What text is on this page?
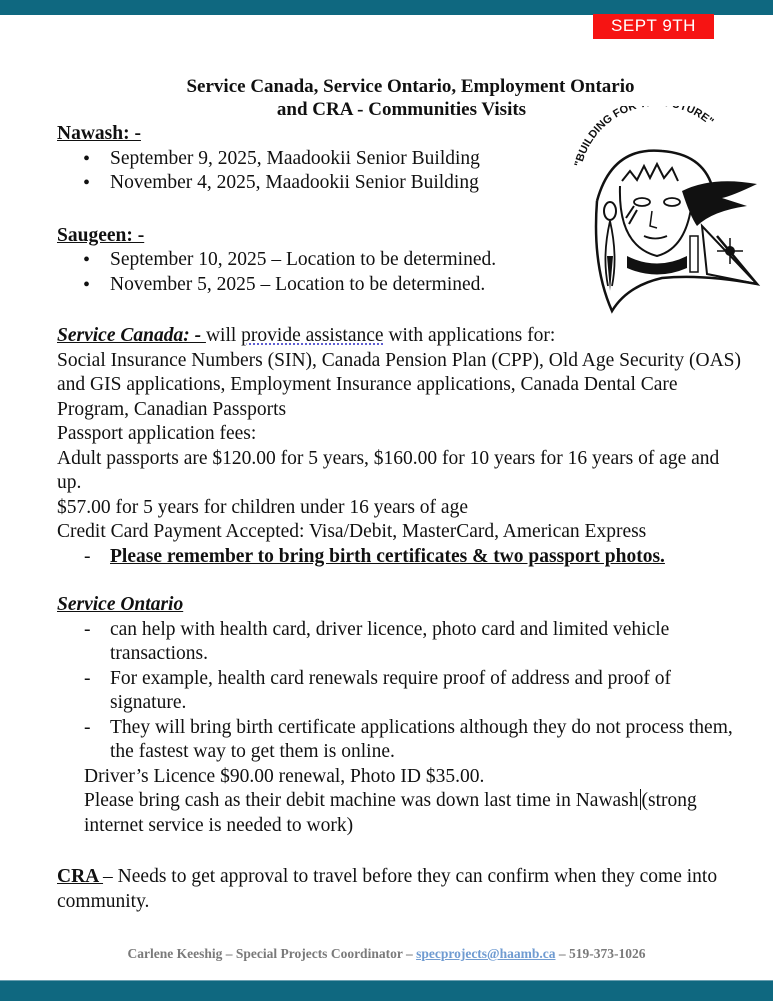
SEPT 9TH
Service Canada, Service Ontario, Employment Ontario
and CRA - Communities Visits
"BUILDING FOR TURE"
Nawash: -
• September 9, 2025, Maadookii Senior Building
• November 4, 2025, Maadookii Senior Building
Saugeen: -
• September 10, 2025 – Location to be determined.
• November 5, 2025 – Location to be determined.
Service Canada: - will provide assistance with applications for:
Social Insurance Numbers (SIN), Canada Pension Plan (CPP), Old Age Security (OAS) and GIS applications, Employment Insurance applications, Canada Dental Care Program, Canadian Passports
Passport application fees:
Adult passports are $120.00 for 5 years, $160.00 for 10 years for 16 years of age and up.
$57.00 for 5 years for children under 16 years of age
Credit Card Payment Accepted: Visa/Debit, MasterCard, American Express
- Please remember to bring birth certificates & two passport photos.
Service Ontario
- can help with health card, driver licence, photo card and limited vehicle transactions.
- For example, health card renewals require proof of address and proof of signature.
- They will bring birth certificate applications although they do not process them, the fastest way to get them is online.
Driver’s Licence $90.00 renewal, Photo ID $35.00.
Please bring cash as their debit machine was down last time in Nawash (strong internet service is needed to work)
CRA – Needs to get approval to travel before they can confirm when they come into community.
Carlene Keeshig – Special Projects Coordinator – specprojects@haamb.ca – 519-373-1026
